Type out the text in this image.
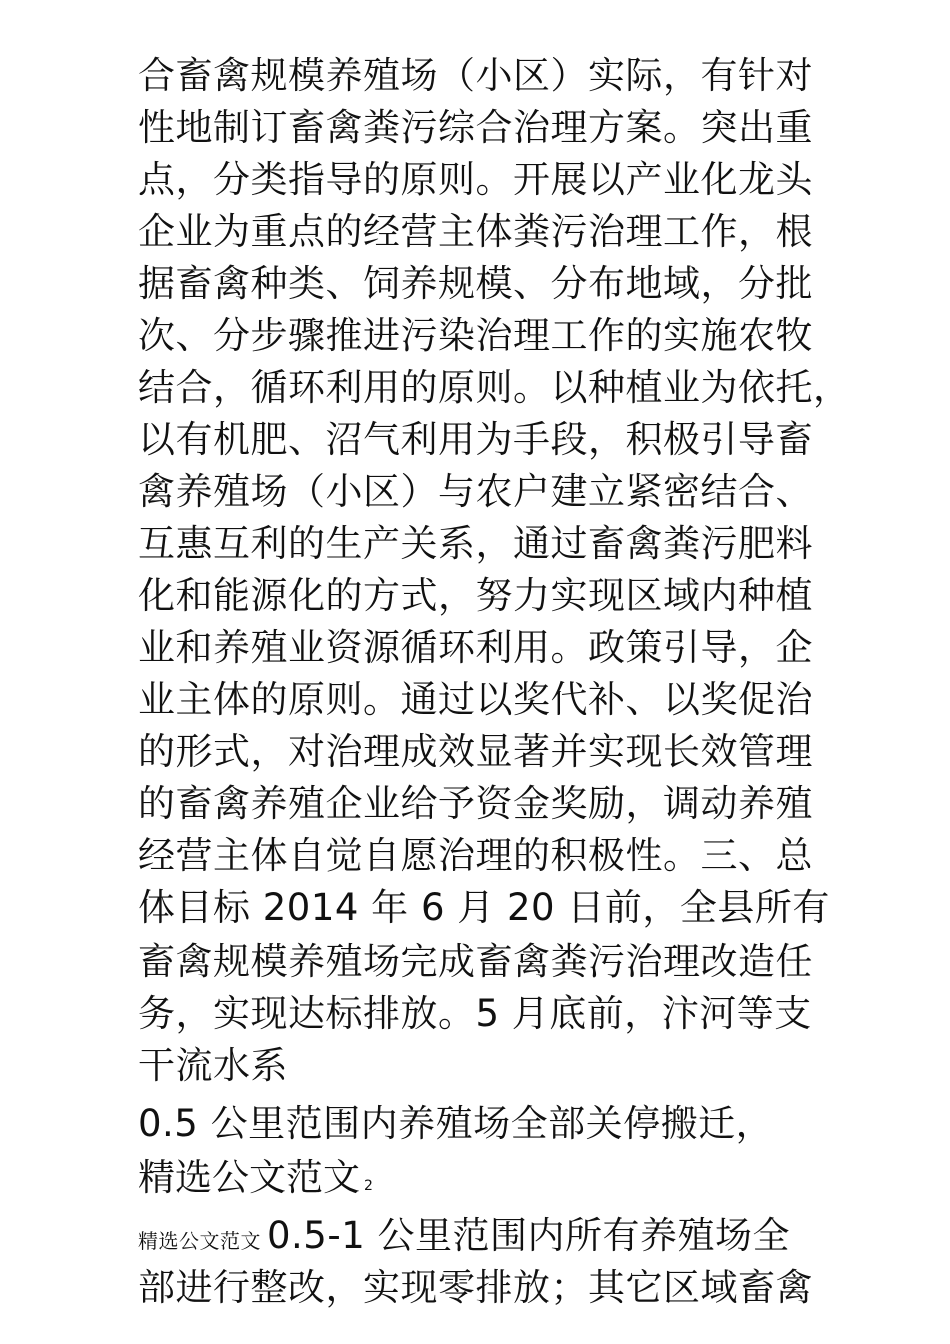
合畜禽规模养殖场（小区）实际，有针对
性地制订畜禽粪污综合治理方案。突出重
点，分类指导的原则。开展以产业化龙头
企业为重点的经营主体粪污治理工作，根
据畜禽种类、饲养规模、分布地域，分批
次、分步骤推进污染治理工作的实施农牧
结合，循环利用的原则。以种植业为依托，
以有机肥、沼气利用为手段，积极引导畜
禽养殖场（小区）与农户建立紧密结合、
互惠互利的生产关系，通过畜禽粪污肥料
化和能源化的方式，努力实现区域内种植
业和养殖业资源循环利用。政策引导，企
业主体的原则。通过以奖代补、以奖促治
的形式，对治理成效显著并实现长效管理
的畜禽养殖企业给予资金奖励，调动养殖
经营主体自觉自愿治理的积极性。三、总
体目标 2014 年 6 月 20 日前，全县所有
畜禽规模养殖场完成畜禽粪污治理改造任
务，实现达标排放。5 月底前，汴河等支
干流水系
0.5 公里范围内养殖场全部关停搬迁，
精选公文范文 2
精选公文范文 0.5-1 公里范围内所有养殖场全
部进行整改，实现零排放；其它区域畜禽
